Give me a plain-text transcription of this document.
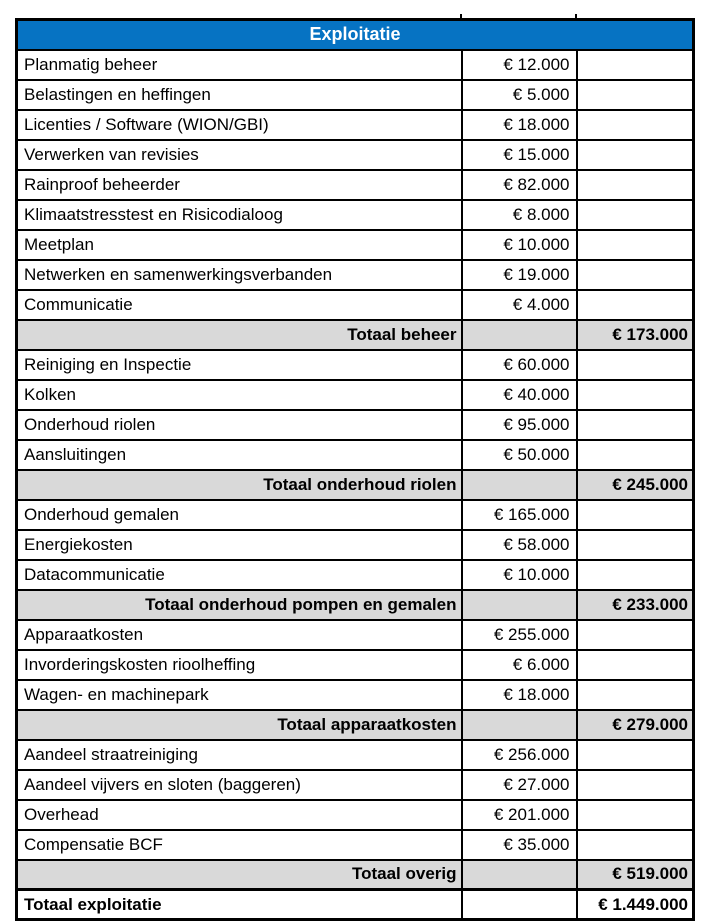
Exploitatie		
Planmatig beheer	€ 12.000	
Belastingen en heffingen	€ 5.000	
Licenties / Software (WION/GBI)	€ 18.000	
Verwerken van revisies	€ 15.000	
Rainproof beheerder	€ 82.000	
Klimaatstresstest en Risicodialoog	€ 8.000	
Meetplan	€ 10.000	
Netwerken en samenwerkingsverbanden	€ 19.000	
Communicatie	€ 4.000	
Totaal beheer		€ 173.000
Reiniging en Inspectie	€ 60.000	
Kolken	€ 40.000	
Onderhoud riolen	€ 95.000	
Aansluitingen	€ 50.000	
Totaal onderhoud riolen		€ 245.000
Onderhoud gemalen	€ 165.000	
Energiekosten	€ 58.000	
Datacommunicatie	€ 10.000	
Totaal onderhoud pompen en gemalen		€ 233.000
Apparaatkosten	€ 255.000	
Invorderingskosten rioolheffing	€ 6.000	
Wagen- en machinepark	€ 18.000	
Totaal apparaatkosten		€ 279.000
Aandeel straatreiniging	€ 256.000	
Aandeel vijvers en sloten (baggeren)	€ 27.000	
Overhead	€ 201.000	
Compensatie BCF	€ 35.000	
Totaal overig		€ 519.000
Totaal exploitatie		€ 1.449.000
